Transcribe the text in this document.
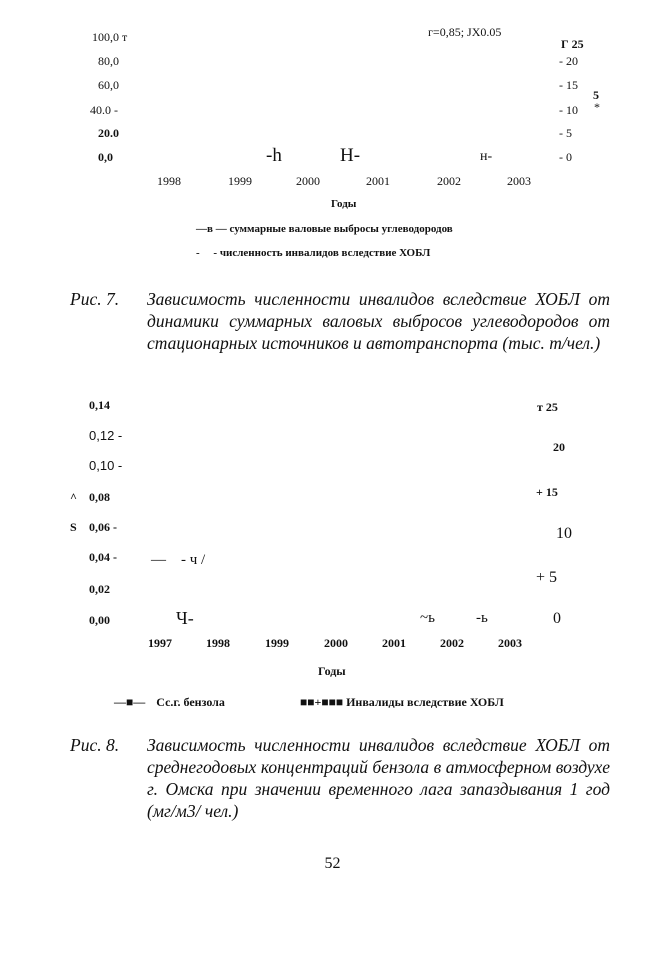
100,0 т
80,0
60,0
40.0 -
20.0
0,0
г=0,85; JX0.05
Г 25
- 20
- 15
- 10
- 5
- 0
5
*
-h	H-	н-
1998	1999	2000	2001	2002	2003
Годы
—в — суммарные валовые выбросы углеводородов
-     - численность инвалидов вследствие ХОБЛ
Рис. 7. Зависимость численности инвалидов вследствие ХОБЛ от динамики суммарных валовых выбросов углеводородов от стационарных источников и автотранспорта (тыс. т/чел.)
0,14
0,12 -
0,10 -
^ 0,08
S 0,06 -
0,04 -
0,02
0,00
т 25
20
+ 15
10
+ 5
0
—    - ч /
Ч-	~ь	-ь
1997	1998	1999	2000	2001	2002	2003
Годы
—■— Сс.г. бензола	■■+■■■ Инвалиды вследствие ХОБЛ
Рис. 8. Зависимость численности инвалидов вследствие ХОБЛ от среднегодовых концентраций бензола в атмосферном воздухе г. Омска при значении временного лага запаздывания 1 год (мг/м3/ чел.)
52
